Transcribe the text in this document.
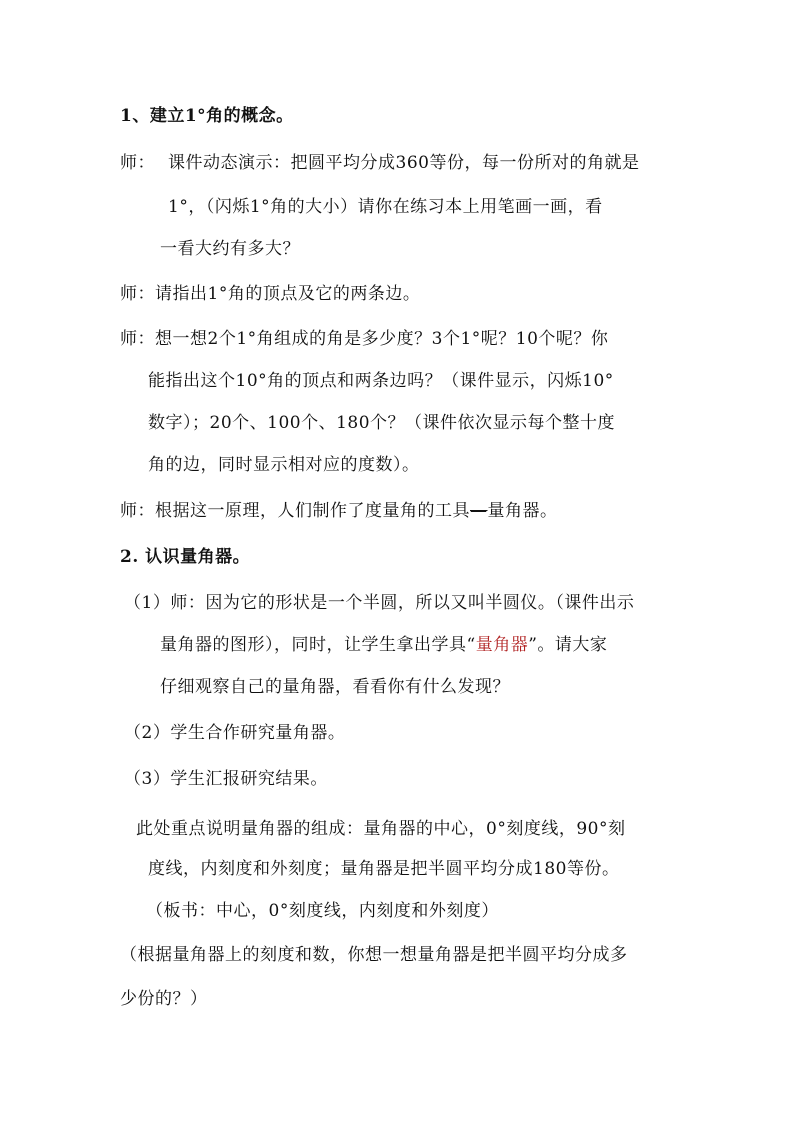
1、建立1°角的概念。
师： 课件动态演示：把圆平均分成360等份，每一份所对的角就是
1°，（闪烁1°角的大小）请你在练习本上用笔画一画，看
一看大约有多大？
师：请指出1°角的顶点及它的两条边。
师：想一想2个1°角组成的角是多少度？3个1°呢？10个呢？你
能指出这个10°角的顶点和两条边吗？（课件显示，闪烁10°
数字）；20个、100个、180个？（课件依次显示每个整十度
角的边，同时显示相对应的度数）。
师：根据这一原理，人们制作了度量角的工具—量角器。
2. 认识量角器。
（1）师：因为它的形状是一个半圆，所以又叫半圆仪。（课件出示
量角器的图形），同时，让学生拿出学具“量角器”。请大家
仔细观察自己的量角器，看看你有什么发现？
（2）学生合作研究量角器。
（3）学生汇报研究结果。
此处重点说明量角器的组成：量角器的中心，0°刻度线，90°刻
度线，内刻度和外刻度；量角器是把半圆平均分成180等份。
（板书：中心，0°刻度线，内刻度和外刻度）
（根据量角器上的刻度和数，你想一想量角器是把半圆平均分成多
少份的？）
